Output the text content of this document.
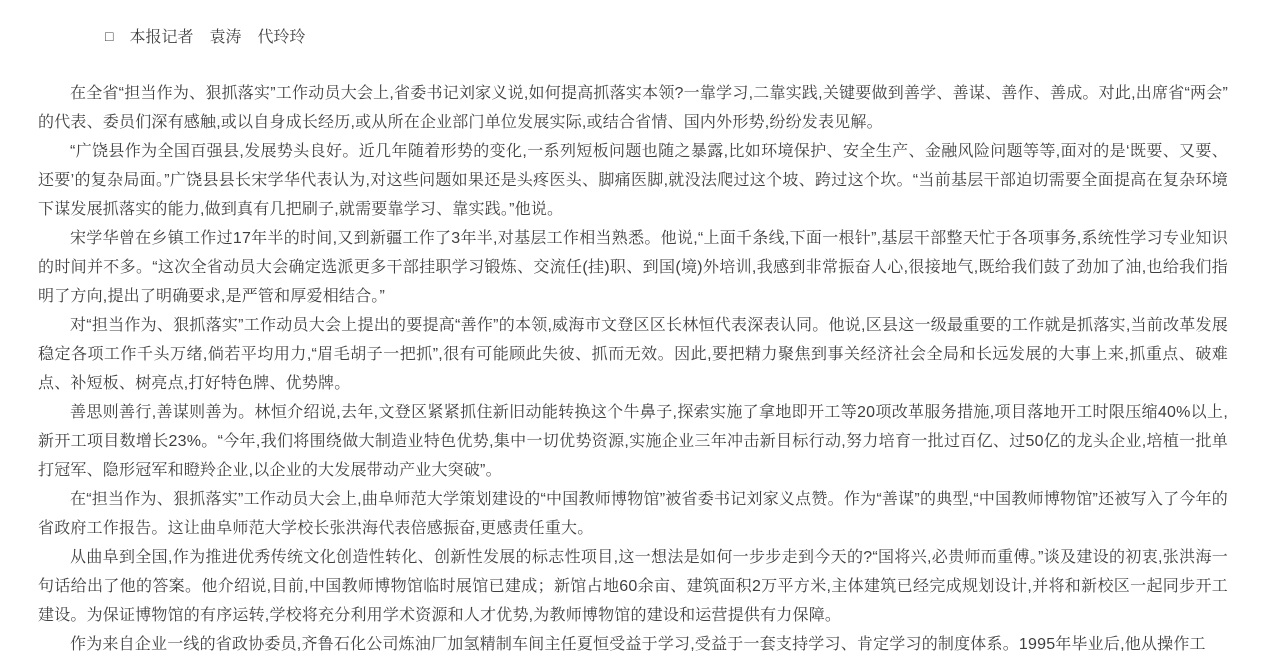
□ 本报记者　袁涛　代玲玲

在全省“担当作为、狠抓落实”工作动员大会上,省委书记刘家义说,如何提高抓落实本领?一靠学习,二靠实践,关键要做到善学、善谋、善作、善成。对此,出席省“两会”的代表、委员们深有感触,或以自身成长经历,或从所在企业部门单位发展实际,或结合省情、国内外形势,纷纷发表见解。

“广饶县作为全国百强县,发展势头良好。近几年随着形势的变化,一系列短板问题也随之暴露,比如环境保护、安全生产、金融风险问题等等,面对的是‘既要、又要、还要’的复杂局面。”广饶县县长宋学华代表认为,对这些问题如果还是头疼医头、脚痛医脚,就没法爬过这个坡、跨过这个坎。“当前基层干部迫切需要全面提高在复杂环境下谋发展抓落实的能力,做到真有几把刷子,就需要靠学习、靠实践。”他说。

宋学华曾在乡镇工作过17年半的时间,又到新疆工作了3年半,对基层工作相当熟悉。他说,“上面千条线,下面一根针”,基层干部整天忙于各项事务,系统性学习专业知识的时间并不多。“这次全省动员大会确定选派更多干部挂职学习锻炼、交流任(挂)职、到国(境)外培训,我感到非常振奋人心,很接地气,既给我们鼓了劲加了油,也给我们指明了方向,提出了明确要求,是严管和厚爱相结合。”

对“担当作为、狠抓落实”工作动员大会上提出的要提高“善作”的本领,威海市文登区区长林恒代表深表认同。他说,区县这一级最重要的工作就是抓落实,当前改革发展稳定各项工作千头万绪,倘若平均用力,“眉毛胡子一把抓”,很有可能顾此失彼、抓而无效。因此,要把精力聚焦到事关经济社会全局和长远发展的大事上来,抓重点、破难点、补短板、树亮点,打好特色牌、优势牌。

善思则善行,善谋则善为。林恒介绍说,去年,文登区紧紧抓住新旧动能转换这个牛鼻子,探索实施了拿地即开工等20项改革服务措施,项目落地开工时限压缩40%以上,新开工项目数增长23%。“今年,我们将围绕做大制造业特色优势,集中一切优势资源,实施企业三年冲击新目标行动,努力培育一批过百亿、过50亿的龙头企业,培植一批单打冠军、隐形冠军和瞪羚企业,以企业的大发展带动产业大突破”。

在“担当作为、狠抓落实”工作动员大会上,曲阜师范大学策划建设的“中国教师博物馆”被省委书记刘家义点赞。作为“善谋”的典型,“中国教师博物馆”还被写入了今年的省政府工作报告。这让曲阜师范大学校长张洪海代表倍感振奋,更感责任重大。

从曲阜到全国,作为推进优秀传统文化创造性转化、创新性发展的标志性项目,这一想法是如何一步步走到今天的?“国将兴,必贵师而重傅。”谈及建设的初衷,张洪海一句话给出了他的答案。他介绍说,目前,中国教师博物馆临时展馆已建成；新馆占地60余亩、建筑面积2万平方米,主体建筑已经完成规划设计,并将和新校区一起同步开工建设。为保证博物馆的有序运转,学校将充分利用学术资源和人才优势,为教师博物馆的建设和运营提供有力保障。

作为来自企业一线的省政协委员,齐鲁石化公司炼油厂加氢精制车间主任夏恒受益于学习,受益于一套支持学习、肯定学习的制度体系。1995年毕业后,他从操作工
